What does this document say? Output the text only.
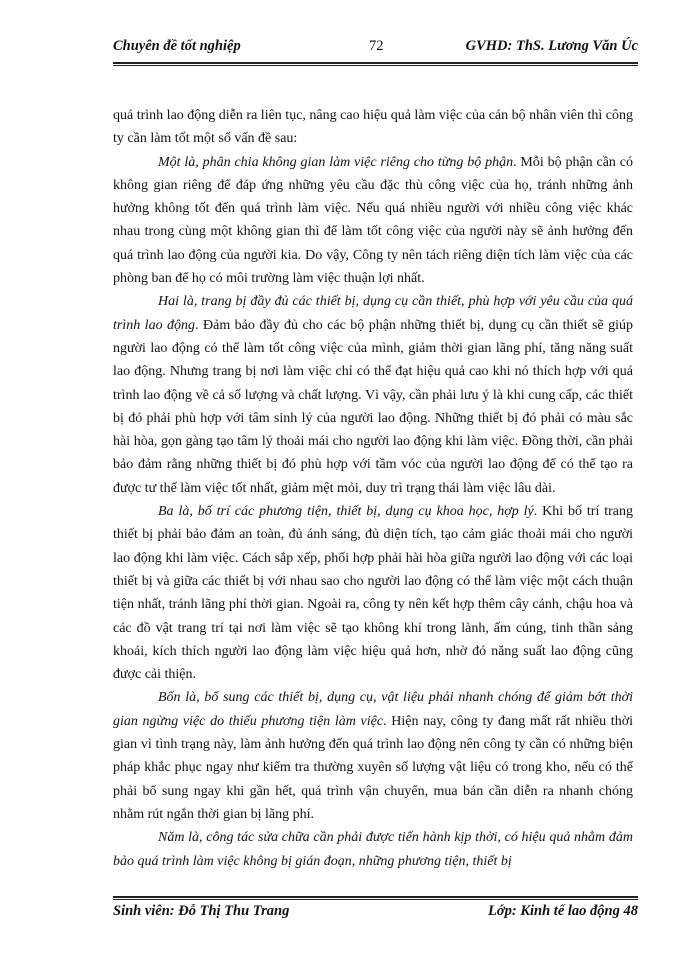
Chuyên đề tốt nghiệp	72	GVHD: ThS. Lương Văn Úc

quá trình lao động diễn ra liên tục, nâng cao hiệu quả làm việc của cán bộ nhân viên thì công ty cần làm tốt một số vấn đề sau:

Một là, phân chia không gian làm việc riêng cho từng bộ phận. Mỗi bộ phận cần có không gian riêng để đáp ứng những yêu cầu đặc thù công việc của họ, tránh những ảnh hưởng không tốt đến quá trình làm việc. Nếu quá nhiều người với nhiều công việc khác nhau trong cùng một không gian thì để làm tốt công việc của người này sẽ ảnh hưởng đến quá trình lao động của người kia. Do vậy, Công ty nên tách riêng diện tích làm việc của các phòng ban để họ có môi trường làm việc thuận lợi nhất.

Hai là, trang bị đầy đủ các thiết bị, dụng cụ cần thiết, phù hợp với yêu cầu của quá trình lao động. Đảm bảo đầy đủ cho các bộ phận những thiết bị, dụng cụ cần thiết sẽ giúp người lao động có thể làm tốt công việc của mình, giảm thời gian lãng phí, tăng năng suất lao động. Nhưng trang bị nơi làm việc chỉ có thể đạt hiệu quả cao khi nó thích hợp với quá trình lao động về cả số lượng và chất lượng. Vì vậy, cần phải lưu ý là khi cung cấp, các thiết bị đó phải phù hợp với tâm sinh lý của người lao động. Những thiết bị đó phải có màu sắc hài hòa, gọn gàng tạo tâm lý thoải mái cho người lao động khi làm việc. Đồng thời, cần phải bảo đảm rằng những thiết bị đó phù hợp với tầm vóc của người lao động để có thể tạo ra được tư thế làm việc tốt nhất, giảm mệt mỏi, duy trì trạng thái làm việc lâu dài.

Ba là, bố trí các phương tiện, thiết bị, dụng cụ khoa học, hợp lý. Khi bố trí trang thiết bị phải bảo đảm an toàn, đủ ánh sáng, đủ diện tích, tạo cảm giác thoải mái cho người lao động khi làm việc. Cách sắp xếp, phối hợp phải hài hòa giữa người lao động với các loại thiết bị và giữa các thiết bị với nhau sao cho người lao động có thể làm việc một cách thuận tiện nhất, tránh lãng phí thời gian. Ngoài ra, công ty nên kết hợp thêm cây cảnh, chậu hoa và các đồ vật trang trí tại nơi làm việc sẽ tạo không khí trong lành, ấm cúng, tinh thần sảng khoái, kích thích người lao động làm việc hiệu quả hơn, nhờ đó năng suất lao động cũng được cải thiện.

Bốn là, bổ sung các thiết bị, dụng cụ, vật liệu phải nhanh chóng để giảm bớt thời gian ngừng việc do thiếu phương tiện làm việc. Hiện nay, công ty đang mất rất nhiều thời gian vì tình trạng này, làm ảnh hưởng đến quá trình lao động nên công ty cần có những biện pháp khắc phục ngay như kiểm tra thường xuyên số lượng vật liệu có trong kho, nếu có thể phải bổ sung ngay khi gần hết, quá trình vận chuyển, mua bán cần diễn ra nhanh chóng nhằm rút ngắn thời gian bị lãng phí.

Năm là, công tác sửa chữa cần phải được tiến hành kịp thời, có hiệu quả nhằm đảm bảo quá trình làm việc không bị gián đoạn, những phương tiện, thiết bị

Sinh viên: Đỗ Thị Thu Trang	Lớp: Kinh tế lao động 48
